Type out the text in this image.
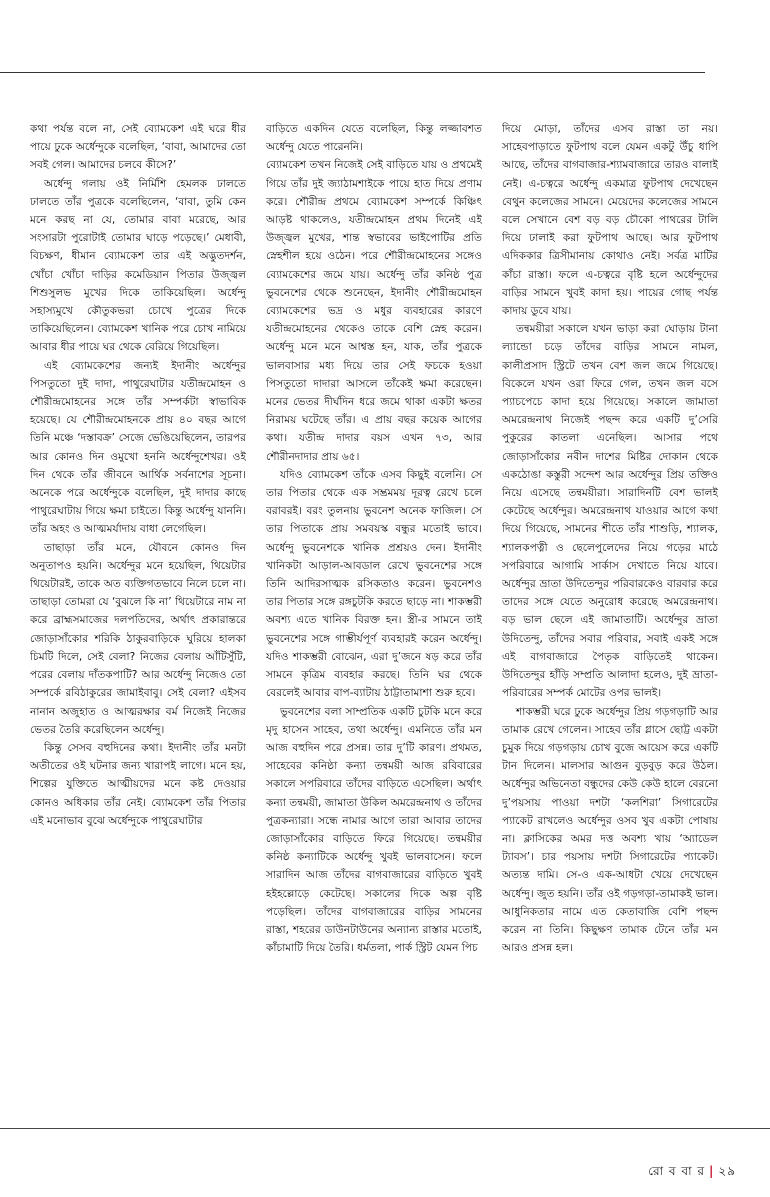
কথা পর্যন্ত বলে না, সেই ব্যোমকেশ এই ঘরে ধীর পায়ে ঢুকে অর্ধেন্দুকে বলেছিল, ‘বাবা, আমাদের তো সবই গেল। আমাদের চলবে কীসে?’

অর্ধেন্দু গলায় ওই নির্মিশি হেমলক ঢালতে ঢালতে তাঁর পুত্রকে বলেছিলেন, ‘বাবা, তুমি কেন মনে করছ না যে, তোমার বাবা মরেছে, আর সংসারটা পুরোটাই তোমার ঘাড়ে পড়েছে।’ মেধাবী, বিচক্ষণ, ধীমান ব্যোমকেশ তার এই অদ্ভুতদর্শন, খোঁচা খোঁচা দাড়ির কমেডিয়ান পিতার উজ্জ্বল শিশুসুলভ মুখের দিকে তাকিয়েছিল। অর্ধেন্দু সহাস্যমুখে কৌতুকভরা চোখে পুত্রের দিকে তাকিয়েছিলেন। ব্যোমকেশ খানিক পরে চোখ নামিয়ে আবার ধীর পায়ে ঘর থেকে বেরিয়ে গিয়েছিল।

এই ব্যোমকেশের জন্যই ইদানীং অর্ধেন্দুর পিসতুতো দুই দাদা, পাথুরেঘাটার যতীন্দ্রমোহন ও শৌরীন্দ্রমোহনের সঙ্গে তাঁর সম্পর্কটা স্বাভাবিক হয়েছে। যে শৌরীন্দ্রমোহনকে প্রায় ৪০ বছর আগে তিনি মঞ্চে ‘দস্তাবক্র’ সেজে ভেঙিয়েছিলেন, তারপর আর কোনও দিন ওমুখো হননি অর্ধেন্দুশেখর। ওই দিন থেকে তাঁর জীবনে আর্থিক সর্বনাশের সূচনা। অনেকে পরে অর্ধেন্দুকে বলেছিল, দুই দাদার কাছে পাথুরেঘাটায় গিয়ে ক্ষমা চাইতে। কিন্তু অর্ধেন্দু যাননি। তাঁর অহং ও আত্মমর্যাদায় বাধা লেগেছিল।

তাছাড়া তাঁর মনে, যৌবনে কোনও দিন অনুতাপও হয়নি। অর্ধেন্দুর মনে হয়েছিল, থিয়েটার থিয়েটারই, তাকে অত ব্যক্তিগতভাবে নিলে চলে না। তাছাড়া তোমরা যে ‘বুঝলে কি না’ থিয়েটারে নাম না করে ব্রাহ্মসমাজের দলপতিদের, অর্থাৎ প্রকারান্তরে জোড়াসাঁকোর শরিকি ঠাকুরবাড়িকে ঘুরিয়ে হালকা চিমটি দিলে, সেই বেলা? নিজের বেলায় আঁটিসুঁটি, পরের বেলায় দাঁতকপাটি? আর অর্ধেন্দু নিজেও তো সম্পর্কে রবিঠাকুরের জামাইবাবু। সেই বেলা? এইসব নানান অজুহাত ও আত্মরক্ষার বর্ম নিজেই নিজের ভেতর তৈরি করেছিলেন অর্ধেন্দু।

কিন্তু সেসব বহুদিনের কথা। ইদানীং তাঁর মনটা অতীতের ওই ঘটনার জন্য খারাপই লাগে। মনে হয়, শিল্পের যুক্তিতে আত্মীয়দের মনে কষ্ট দেওয়ার কোনও অধিকার তাঁর নেই। ব্যোমকেশ তাঁর পিতার এই মনোভাব বুঝে অর্ধেন্দুকে পাথুরেঘাটার

বাড়িতে একদিন যেতে বলেছিল, কিন্তু লজ্জাবশত অর্ধেন্দু যেতে পারেননি।

ব্যোমকেশ তখন নিজেই সেই বাড়িতে যায় ও প্রথমেই গিয়ে তাঁর দুই জ্যাঠামশাইকে পায়ে হাত দিয়ে প্রণাম করে। শৌরীন্দ্র প্রথমে ব্যোমকেশ সম্পর্কে কিঞ্চিৎ আড়ষ্ট থাকলেও, যতীন্দ্রমোহন প্রথম দিনেই এই উজ্জ্বল মুখের, শান্ত স্বভাবের ভাইপোটির প্রতি স্নেহশীল হয়ে ওঠেন। পরে শৌরীন্দ্রমোহনের সঙ্গেও ব্যোমকেশের জমে যায়। অর্ধেন্দু তাঁর কনিষ্ঠ পুত্র ভুবনেশের থেকে শুনেছেন, ইদানীং শৌরীন্দ্রমোহন ব্যোমকেশের ভদ্র ও মধুর ব্যবহারের কারণে যতীন্দ্রমোহনের থেকেও তাকে বেশি স্নেহ করেন। অর্ধেন্দু মনে মনে আশ্বস্ত হন, যাক, তাঁর পুত্রকে ভালবাসার মধ্য দিয়ে তার সেই ফচকে হওয়া পিসতুতো দাদারা আসলে তাঁকেই ক্ষমা করেছেন। মনের ভেতর দীর্ঘদিন ধরে জমে থাকা একটা ক্ষতর নিরাময় ঘটেছে তাঁর। এ প্রায় বছর কয়েক আগের কথা। যতীন্দ্র দাদার বয়স এখন ৭৩, আর শৌরীনদাদার প্রায় ৬৫।

যদিও ব্যোমকেশ তাঁকে এসব কিছুই বলেনি। সে তার পিতার থেকে এক সম্ভ্রমময় দূরত্ব রেখে চলে বরাবরই। বরং তুলনায় ভুবনেশ অনেক ফাজিল। সে তার পিতাকে প্রায় সমবয়স্ক বন্ধুর মতোই ভাবে। অর্ধেন্দু ভুবনেশকে খানিক প্রশ্রয়ও দেন। ইদানীং খানিকটা আড়াল-আবডাল রেখে ভুবনেশের সঙ্গে তিনি আদিরসাত্মক রসিকতাও করেন। ভুবনেশও তার পিতার সঙ্গে রঙ্গচুটকি করতে ছাড়ে না। শাকম্ভরী অবশ্য এতে খানিক বিরক্ত হন। স্ত্রী-র সামনে তাই ভুবনেশের সঙ্গে গাম্ভীর্যপূর্ণ ব্যবহারই করেন অর্ধেন্দু। যদিও শাকম্ভরী বোঝেন, এরা দু’জনে ষড় করে তাঁর সামনে কৃত্রিম ব্যবহার করছে। তিনি ঘর থেকে বেরলেই আবার বাপ-ব্যাটায় ঠাট্টাতামাশা শুরু হবে।

ভুবনেশের বলা সাম্প্রতিক একটি চুটকি মনে করে মৃদু হাসেন সাহেব, তথা অর্ধেন্দু। এমনিতে তাঁর মন আজ বহুদিন পরে প্রসন্ন। তার দু’টি কারণ। প্রথমত, সাহেবের কনিষ্ঠা কন্যা তন্বময়ী আজ রবিবারের সকালে সপরিবারে তাঁদের বাড়িতে এসেছিল। অর্থাৎ কন্যা তন্বময়ী, জামাতা উকিল অমরেন্দ্রনাথ ও তাঁদের পুত্রকন্যারা। সন্ধে নামার আগে তারা আবার তাদের জোড়াসাঁকোর বাড়িতে ফিরে গিয়েছে। তন্বময়ীর কনিষ্ঠ কন্যাটিকে অর্ধেন্দু খুবই ভালবাসেন। ফলে সারাদিন আজ তাঁদের বাগবাজারের বাড়িতে খুবই হইহল্লোড়ে কেটেছে। সকালের দিকে অল্প বৃষ্টি পড়েছিল। তাঁদের বাগবাজারের বাড়ির সামনের রাস্তা, শহরের ডাউনটাউনের অন্যান্য রাস্তার মতোই, কাঁচামাটি দিয়ে তৈরি। ধর্মতলা, পার্ক স্ট্রিট যেমন পিচ

দিয়ে মোড়া, তাঁদের এসব রাস্তা তা নয়। সাহেবপাড়াতে ফুটপাথ বলে যেমন একটু উঁচু ধাপি আছে, তাঁদের বাগবাজার-শ্যামবাজারে তারও বালাই নেই। এ-চত্বরে অর্ধেন্দু একমাত্র ফুটপাথ দেখেছেন বেথুন কলেজের সামনে। মেয়েদের কলেজের সামনে বলে সেখানে বেশ বড় বড় চৌকো পাথরের টালি দিয়ে ঢালাই করা ফুটপাথ আছে। আর ফুটপাথ এদিককার ত্রিসীমানায় কোথাও নেই। সর্বত্র মাটির কাঁচা রাস্তা। ফলে এ-চত্বরে বৃষ্টি হলে অর্ধেন্দুদের বাড়ির সামনে খুবই কাদা হয়। পায়ের গোছ পর্যন্ত কাদায় ডুবে যায়।

তন্বময়ীরা সকালে যখন ভাড়া করা ঘোড়ায় টানা ল্যান্ডো চড়ে তাঁদের বাড়ির সামনে নামল, কালীপ্রসাদ স্ট্রিটে তখন বেশ জল জমে গিয়েছে। বিকেলে যখন ওরা ফিরে গেল, তখন জল বসে প্যাচপেচে কাদা হয়ে গিয়েছে। সকালে জামাতা অমরেন্দ্রনাথ নিজেই পছন্দ করে একটি দু’সেরি পুকুরের কাতলা এনেছিল। আসার পথে জোড়াসাঁকোর নবীন দাশের মিষ্টির দোকান থেকে একঠোঙা কস্তুরী সন্দেশ আর অর্ধেন্দুর প্রিয় তক্তিও নিয়ে এসেছে তন্বময়ীরা। সারাদিনটি বেশ ভালই কেটেছে অর্ধেন্দুর। অমরেন্দ্রনাথ যাওয়ার আগে কথা দিয়ে গিয়েছে, সামনের শীতে তাঁর শাশুড়ি, শ্যালক, শ্যালকপত্নী ও ছেলেপুলেদের নিয়ে গড়ের মাঠে সপরিবারে আগামি সার্কাস দেখাতে নিয়ে যাবে। অর্ধেন্দুর ভ্রাতা উদিতেন্দুর পরিবারকেও বারবার করে তাদের সঙ্গে যেতে অনুরোধ করেছে অমরেন্দ্রনাথ। বড় ভাল ছেলে এই জামাতাটি। অর্ধেন্দুর ভ্রাতা উদিতেন্দু, তাঁদের সবার পরিবার, সবাই একই সঙ্গে এই বাগবাজারে পৈতৃক বাড়িতেই থাকেন। উদিতেন্দুর হাঁড়ি সম্প্রতি আলাদা হলেও, দুই ভ্রাতা-পরিবারের সম্পর্ক মোটের ওপর ভালই।

শাকম্ভরী ঘরে ঢুকে অর্ধেন্দুর প্রিয় গড়গড়াটি আর তামাক রেখে গেলেন। সাহেব তাঁর গ্লাসে ছোট্ট একটা চুমুক দিয়ে গড়গড়ায় চোখ বুজে আয়েস করে একটি টান দিলেন। মালসার আগুন বুড়বুড় করে উঠল। অর্ধেন্দুর অভিনেতা বন্ধুদের কেউ কেউ হালে বেরনো দু’পয়সায় পাওয়া দশটা ‘কলশিরা’ সিগারেটের প্যাকেট রাখলেও অর্ধেন্দুর ওসব খুব একটা পোষায় না। ক্লাসিকের অমর দত্ত অবশ্য খায় ‘অ্যাডেল ট্যাবস’। চার পয়সায় দশটা সিগারেটের প্যাকেট। অত্যন্ত দামি। সে-ও এক-আধটা খেয়ে দেখেছেন অর্ধেন্দু। জুত হয়নি। তাঁর ওই গড়গড়া-তামাকই ভাল। আধুনিকতার নামে এত কেতাবাজি বেশি পছন্দ করেন না তিনি। কিছুক্ষণ তামাক টেনে তাঁর মন আরও প্রসন্ন হল।

রো ব বা র | ২৯
